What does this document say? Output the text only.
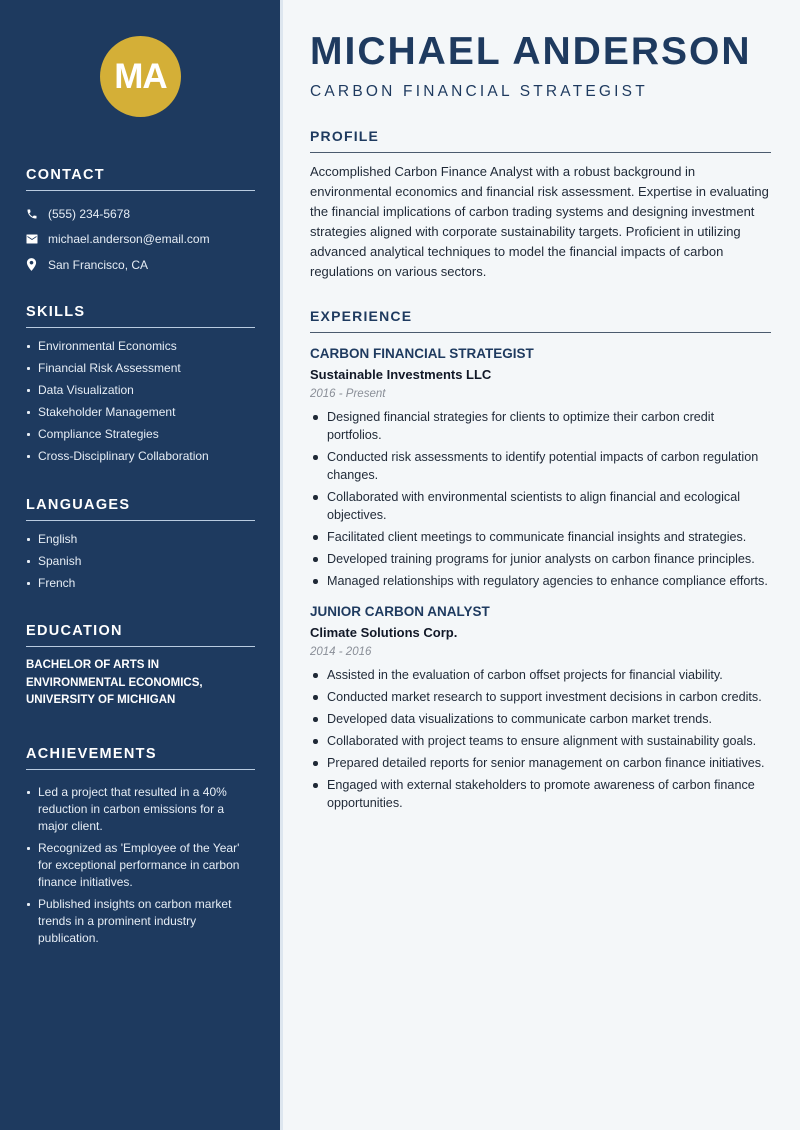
MA
CONTACT
(555) 234-5678
michael.anderson@email.com
San Francisco, CA
SKILLS
Environmental Economics
Financial Risk Assessment
Data Visualization
Stakeholder Management
Compliance Strategies
Cross-Disciplinary Collaboration
LANGUAGES
English
Spanish
French
EDUCATION
BACHELOR OF ARTS IN ENVIRONMENTAL ECONOMICS, UNIVERSITY OF MICHIGAN
ACHIEVEMENTS
Led a project that resulted in a 40% reduction in carbon emissions for a major client.
Recognized as 'Employee of the Year' for exceptional performance in carbon finance initiatives.
Published insights on carbon market trends in a prominent industry publication.
MICHAEL ANDERSON
CARBON FINANCIAL STRATEGIST
PROFILE

Accomplished Carbon Finance Analyst with a robust background in environmental economics and financial risk assessment. Expertise in evaluating the financial implications of carbon trading systems and designing investment strategies aligned with corporate sustainability targets. Proficient in utilizing advanced analytical techniques to model the financial impacts of carbon regulations on various sectors.

EXPERIENCE
CARBON FINANCIAL STRATEGIST
Sustainable Investments LLC
2016 - Present
Designed financial strategies for clients to optimize their carbon credit portfolios.
Conducted risk assessments to identify potential impacts of carbon regulation changes.
Collaborated with environmental scientists to align financial and ecological objectives.
Facilitated client meetings to communicate financial insights and strategies.
Developed training programs for junior analysts on carbon finance principles.
Managed relationships with regulatory agencies to enhance compliance efforts.
JUNIOR CARBON ANALYST
Climate Solutions Corp.
2014 - 2016
Assisted in the evaluation of carbon offset projects for financial viability.
Conducted market research to support investment decisions in carbon credits.
Developed data visualizations to communicate carbon market trends.
Collaborated with project teams to ensure alignment with sustainability goals.
Prepared detailed reports for senior management on carbon finance initiatives.
Engaged with external stakeholders to promote awareness of carbon finance opportunities.
